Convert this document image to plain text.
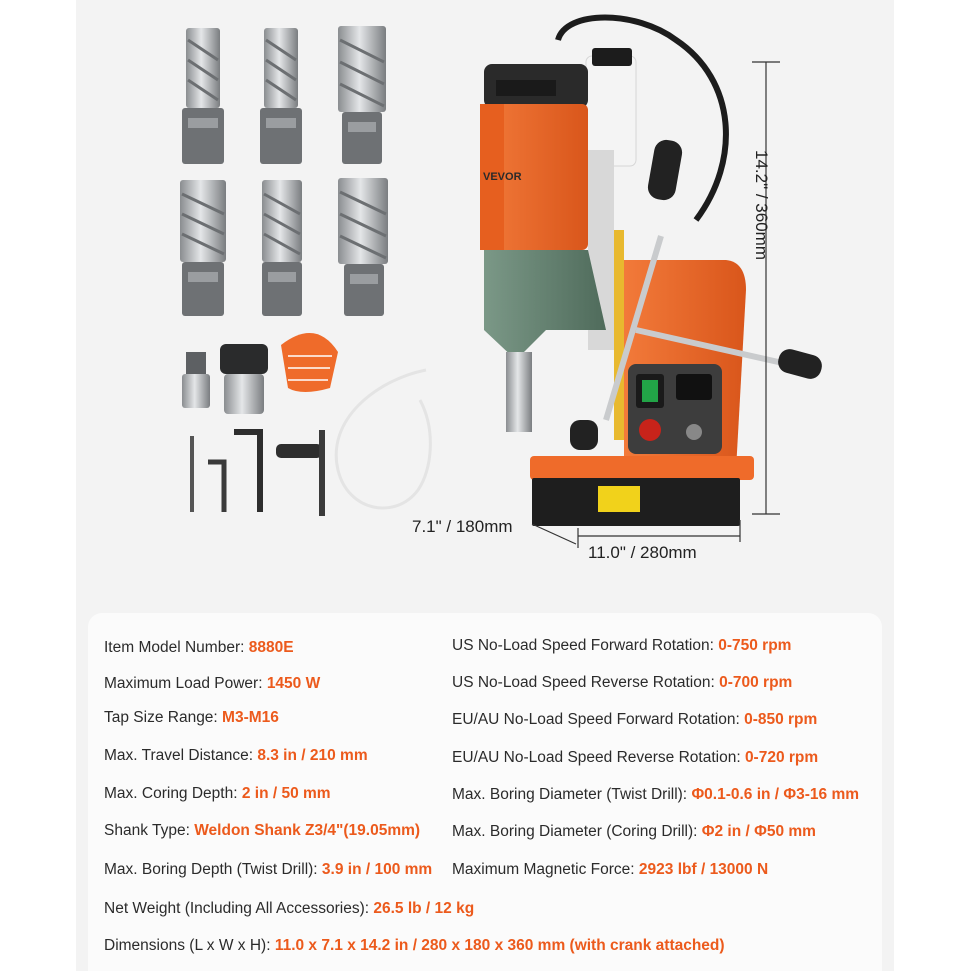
VEVOR	14.2" / 360mm
7.1" / 180mm
11.0" / 280mm
Item Model Number: 8880E
Maximum Load Power: 1450 W
Tap Size Range: M3-M16
Max. Travel Distance: 8.3 in / 210 mm
Max. Coring Depth: 2 in / 50 mm
Shank Type: Weldon Shank Z3/4"(19.05mm)
Max. Boring Depth (Twist Drill): 3.9 in / 100 mm
US No-Load Speed Forward Rotation: 0-750 rpm
US No-Load Speed Reverse Rotation: 0-700 rpm
EU/AU No-Load Speed Forward Rotation: 0-850 rpm
EU/AU No-Load Speed Reverse Rotation: 0-720 rpm
Max. Boring Diameter (Twist Drill): Φ0.1-0.6 in / Φ3-16 mm
Max. Boring Diameter (Coring Drill): Φ2 in / Φ50 mm
Maximum Magnetic Force: 2923 lbf / 13000 N
Net Weight (Including All Accessories): 26.5 lb / 12 kg
Dimensions (L x W x H): 11.0 x 7.1 x 14.2 in / 280 x 180 x 360 mm (with crank attached)
